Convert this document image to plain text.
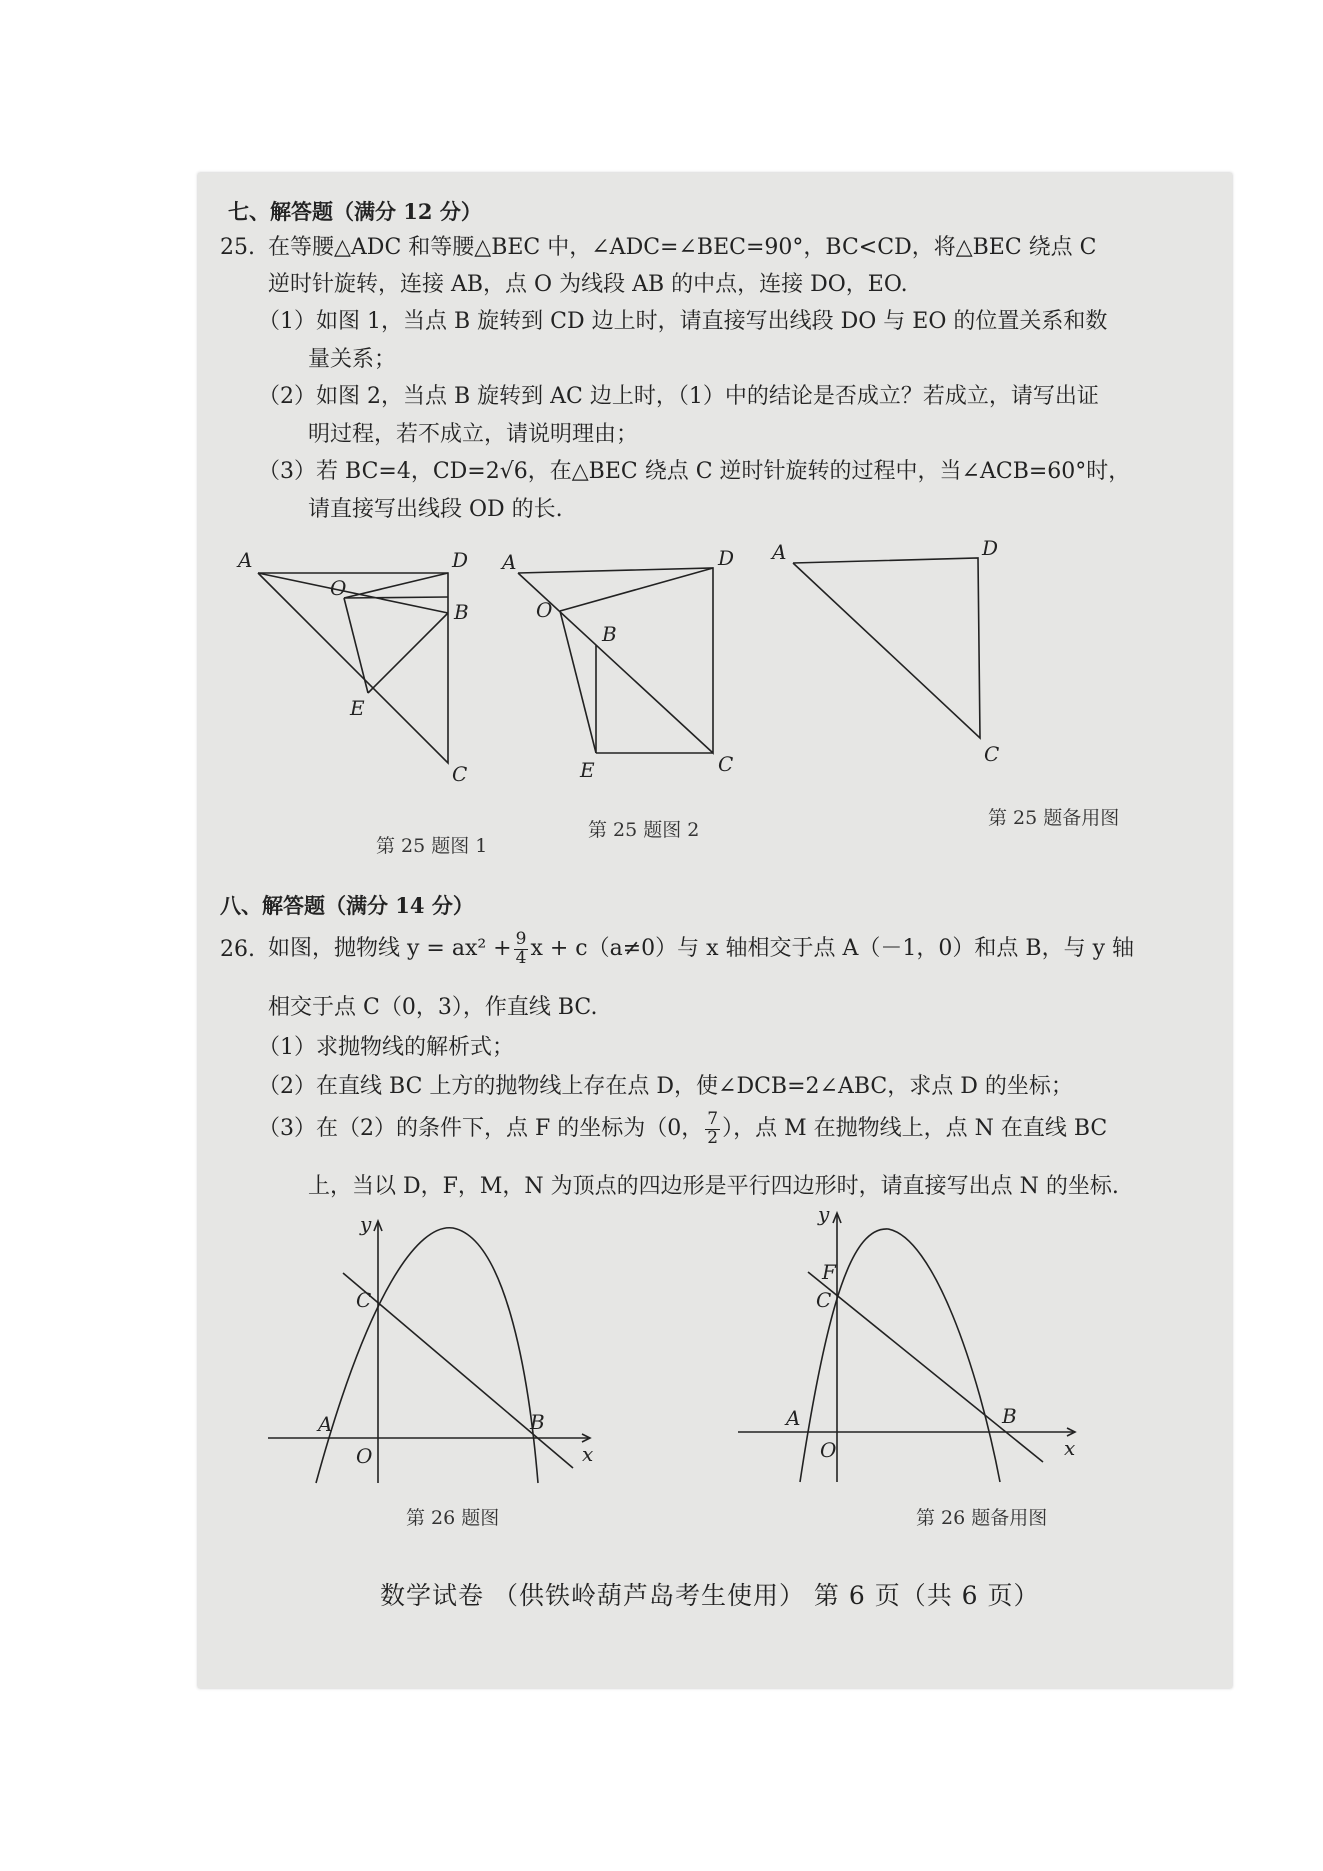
七、解答题（满分 12 分）
25. 在等腰△ADC 和等腰△BEC 中，∠ADC=∠BEC=90°，BC<CD，将△BEC 绕点 C
逆时针旋转，连接 AB，点 O 为线段 AB 的中点，连接 DO，EO.
（1）如图 1，当点 B 旋转到 CD 边上时，请直接写出线段 DO 与 EO 的位置关系和数
量关系；
（2）如图 2，当点 B 旋转到 AC 边上时，（1）中的结论是否成立？若成立，请写出证
明过程，若不成立，请说明理由；
（3）若 BC=4，CD=2√6，在△BEC 绕点 C 逆时针旋转的过程中，当∠ACB=60°时，
请直接写出线段 OD 的长.
A	D
O
B
E
C
第 25 题图 1
A	D
O
B
E	C
第 25 题图 2
A	D
C
第 25 题备用图
八、解答题（满分 14 分）
26. 如图，抛物线 $y = ax^2 + \frac{9}{4}$ x + c（a≠0）与 x 轴相交于点 A（－1，0）和点 B，与 y 轴
相交于点 C（0，3），作直线 BC.
（1）求抛物线的解析式；
（2）在直线 BC 上方的抛物线上存在点 D，使∠DCB=2∠ABC，求点 D 的坐标；
（3）在（2）的条件下，点 F 的坐标为（0， $\frac{7}{2}$ ），点 M 在抛物线上，点 N 在直线 BC
上，当以 D，F，M，N 为顶点的四边形是平行四边形时，请直接写出点 N 的坐标.
y
x
C
A
O
B
第 26 题图
y
x
F
C
A
O
B
第 26 题备用图
数学试卷 （供铁岭葫芦岛考生使用） 第 6 页（共 6 页）
